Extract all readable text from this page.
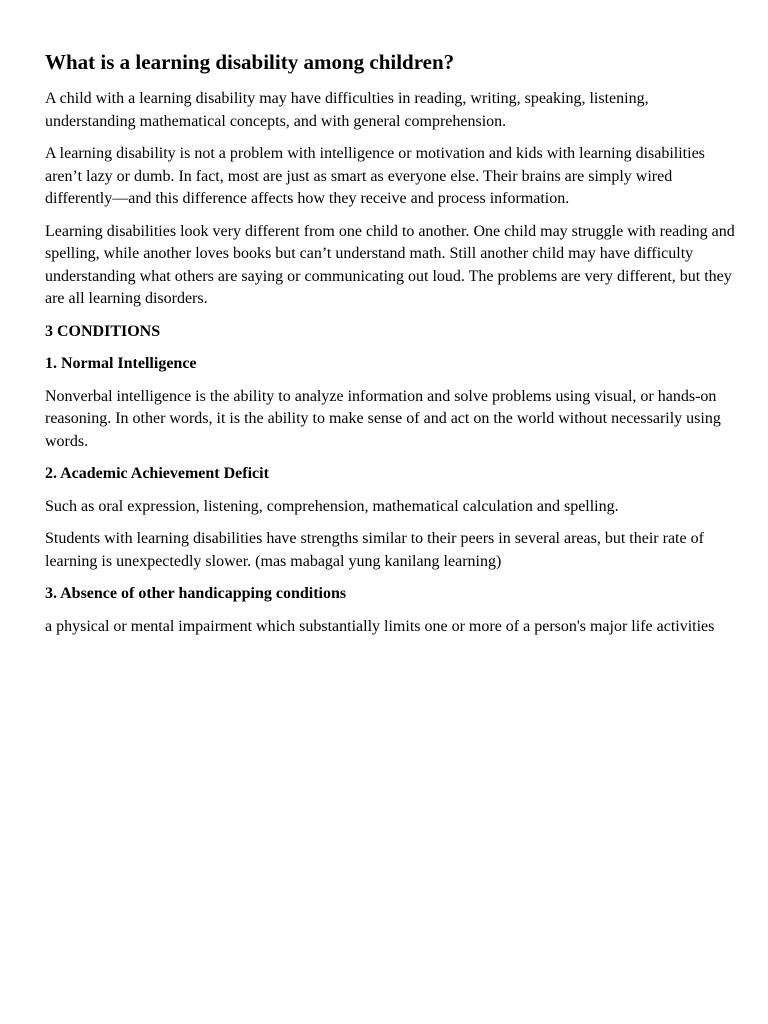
What is a learning disability among children?

A child with a learning disability may have difficulties in reading, writing, speaking, listening, understanding mathematical concepts, and with general comprehension.

A learning disability is not a problem with intelligence or motivation and kids with learning disabilities aren’t lazy or dumb. In fact, most are just as smart as everyone else. Their brains are simply wired differently—and this difference affects how they receive and process information.

Learning disabilities look very different from one child to another. One child may struggle with reading and spelling, while another loves books but can’t understand math. Still another child may have difficulty understanding what others are saying or communicating out loud. The problems are very different, but they are all learning disorders.

3 CONDITIONS

1. Normal Intelligence

Nonverbal intelligence is the ability to analyze information and solve problems using visual, or hands-on reasoning. In other words, it is the ability to make sense of and act on the world without necessarily using words.

2. Academic Achievement Deficit

Such as oral expression, listening, comprehension, mathematical calculation and spelling.

Students with learning disabilities have strengths similar to their peers in several areas, but their rate of learning is unexpectedly slower. (mas mabagal yung kanilang learning)

3. Absence of other handicapping conditions

a physical or mental impairment which substantially limits one or more of a person's major life activities
